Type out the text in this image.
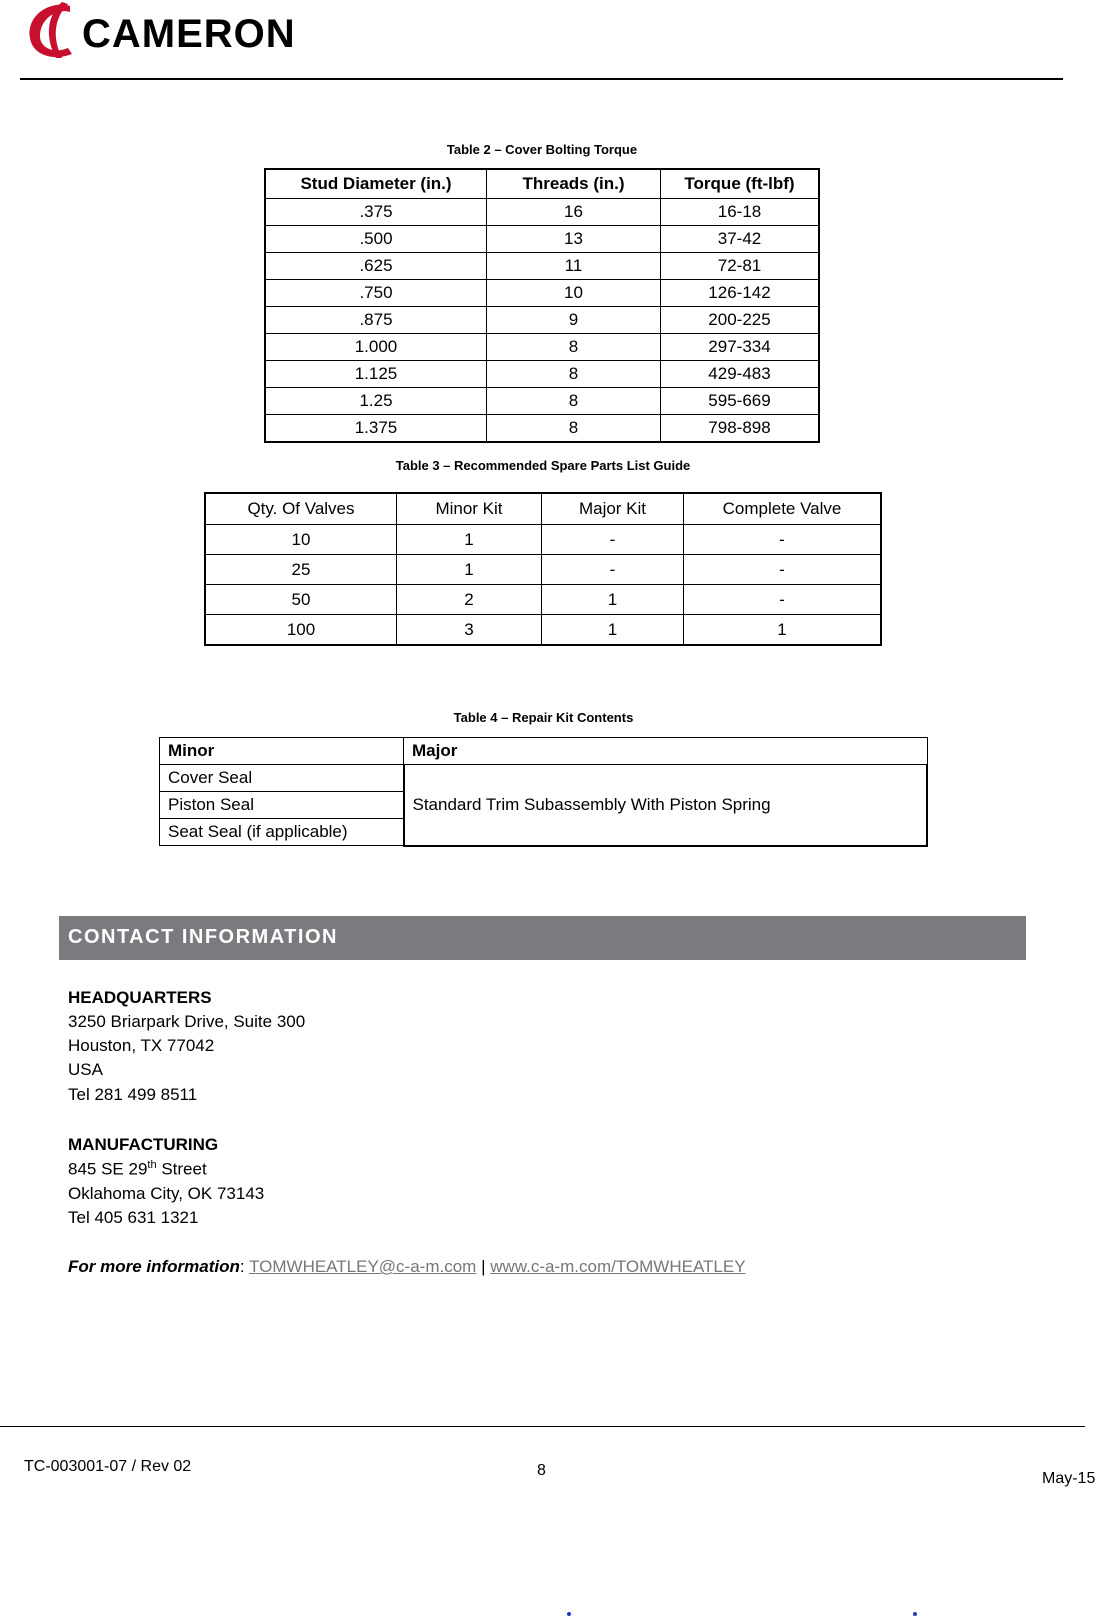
CAMERON
Table 2 – Cover Bolting Torque
Stud Diameter (in.)	Threads (in.)	Torque (ft-lbf)
.375	16	16-18
.500	13	37-42
.625	11	72-81
.750	10	126-142
.875	9	200-225
1.000	8	297-334
1.125	8	429-483
1.25	8	595-669
1.375	8	798-898
Table 3 – Recommended Spare Parts List Guide
Qty. Of Valves	Minor Kit	Major Kit	Complete Valve
10	1	-	-
25	1	-	-
50	2	1	-
100	3	1	1
Table 4 – Repair Kit Contents
Minor	Major
Cover Seal	Standard Trim Subassembly With Piston Spring
Piston Seal	
Seat Seal (if applicable)	
CONTACT INFORMATION
HEADQUARTERS
3250 Briarpark Drive, Suite 300
Houston, TX 77042
USA
Tel 281 499 8511
MANUFACTURING
845 SE 29th Street
Oklahoma City, OK 73143
Tel 405 631 1321
For more information: TOMWHEATLEY@c-a-m.com | www.c-a-m.com/TOMWHEATLEY
TC-003001-07 / Rev 02	8	May-15
